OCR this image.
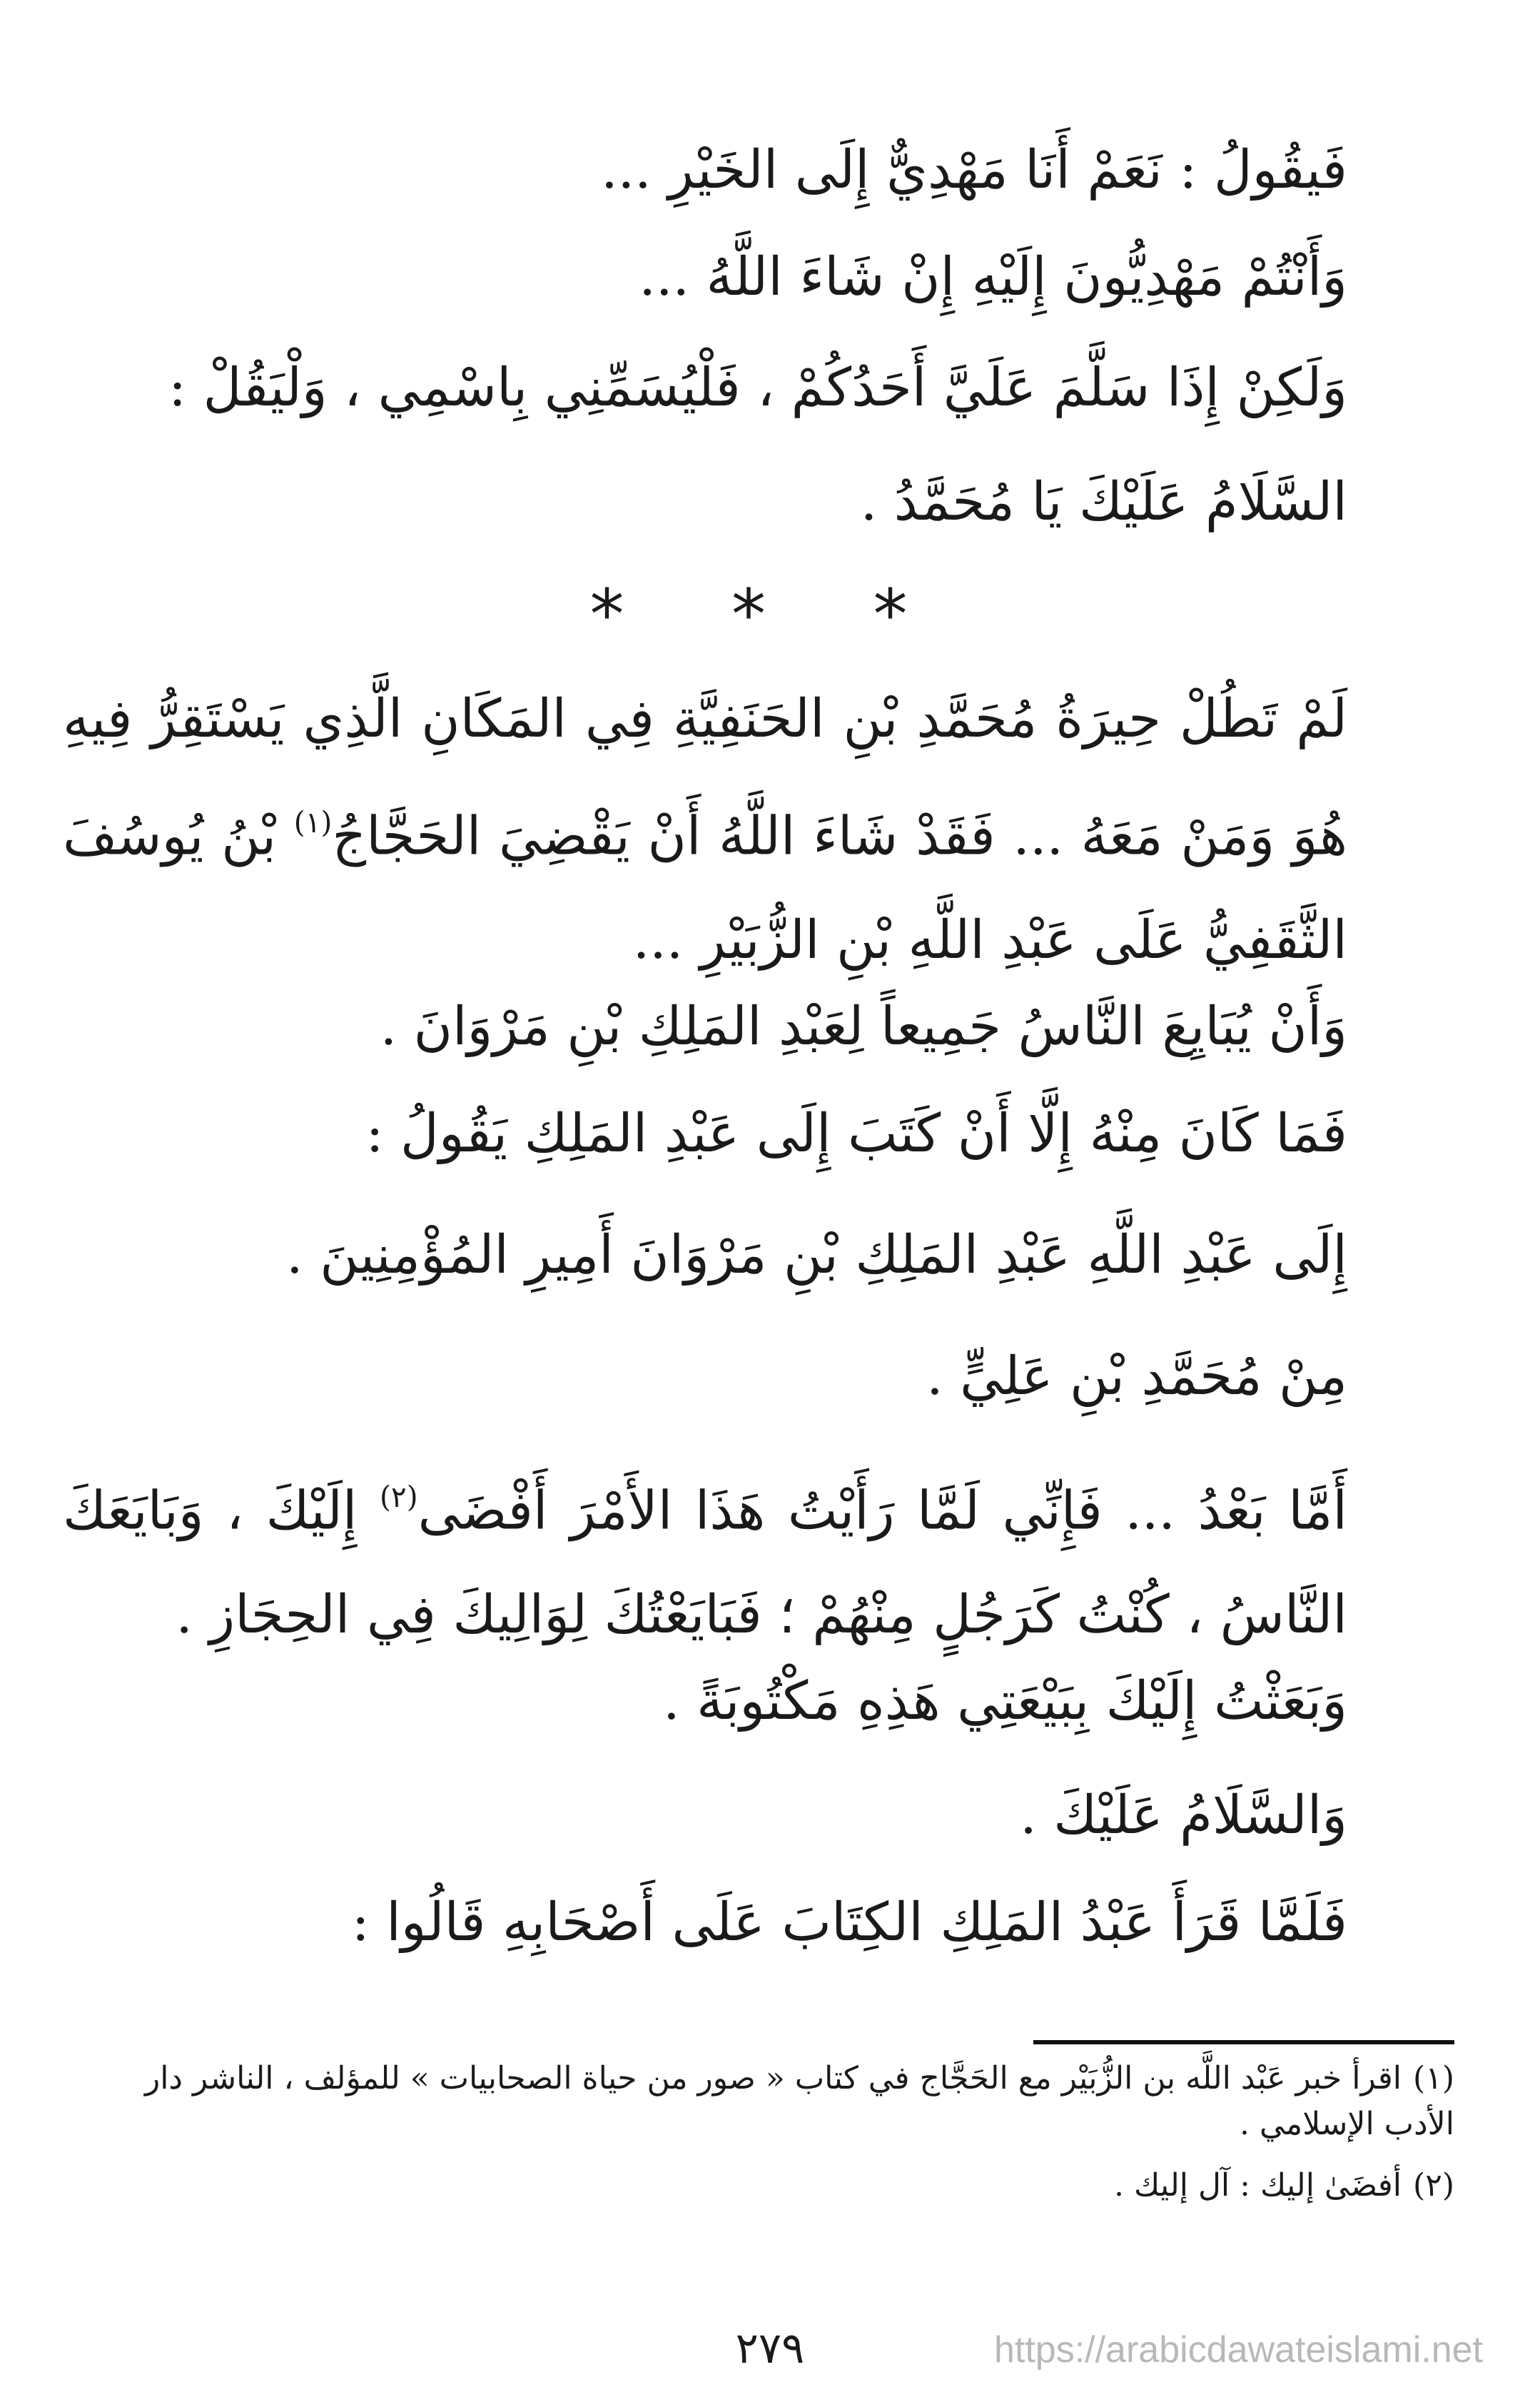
فَيقُولُ : نَعَمْ أَنَا مَهْدِيٌّ إِلَى الخَيْرِ ...
وَأَنْتُمْ مَهْدِيُّونَ إِلَيْهِ إِنْ شَاءَ اللَّهُ ...
وَلَكِنْ إِذَا سَلَّمَ عَلَيَّ أَحَدُكُمْ ، فَلْيُسَمِّنِي بِاسْمِي ، وَلْيَقُلْ :
السَّلَامُ عَلَيْكَ يَا مُحَمَّدُ .
* * *
لَمْ تَطُلْ حِيرَةُ مُحَمَّدِ بْنِ الحَنَفِيَّةِ فِي المَكَانِ الَّذِي يَسْتَقِرُّ فِيهِ هُوَ وَمَنْ مَعَهُ ... فَقَدْ شَاءَ اللَّهُ أَنْ يَقْضِيَ الحَجَّاجُ$^{(١)}$ بْنُ يُوسُفَ الثَّقَفِيُّ عَلَى عَبْدِ اللَّهِ بْنِ الزُّبَيْرِ ...
وَأَنْ يُبَايِعَ النَّاسُ جَمِيعاً لِعَبْدِ المَلِكِ بْنِ مَرْوَانَ .
فَمَا كَانَ مِنْهُ إِلَّا أَنْ كَتَبَ إِلَى عَبْدِ المَلِكِ يَقُولُ :
إِلَى عَبْدِ اللَّهِ عَبْدِ المَلِكِ بْنِ مَرْوَانَ أَمِيرِ المُؤْمِنِينَ .
مِنْ مُحَمَّدِ بْنِ عَلِيٍّ .
أَمَّا بَعْدُ ... فَإِنِّي لَمَّا رَأَيْتُ هَذَا الأَمْرَ أَفْضَى$^{(٢)}$ إِلَيْكَ ، وَبَايَعَكَ النَّاسُ ، كُنْتُ كَرَجُلٍ مِنْهُمْ ؛ فَبَايَعْتُكَ لِوَالِيكَ فِي الحِجَازِ .
وَبَعَثْتُ إِلَيْكَ بِبَيْعَتِي هَذِهِ مَكْتُوبَةً .
وَالسَّلَامُ عَلَيْكَ .
فَلَمَّا قَرَأَ عَبْدُ المَلِكِ الكِتَابَ عَلَى أَصْحَابِهِ قَالُوا :
(١)اقرأ خبر عَبْد اللَّه بن الزُّبَيْر مع الحَجَّاج في كتاب « صور من حياة الصحابيات » للمؤلف ، الناشر دار الأدب الإسلامي .
(٢)أفضَىٰ إليك : آل إليك .
٢٧٩	https://arabicdawateislami.net
